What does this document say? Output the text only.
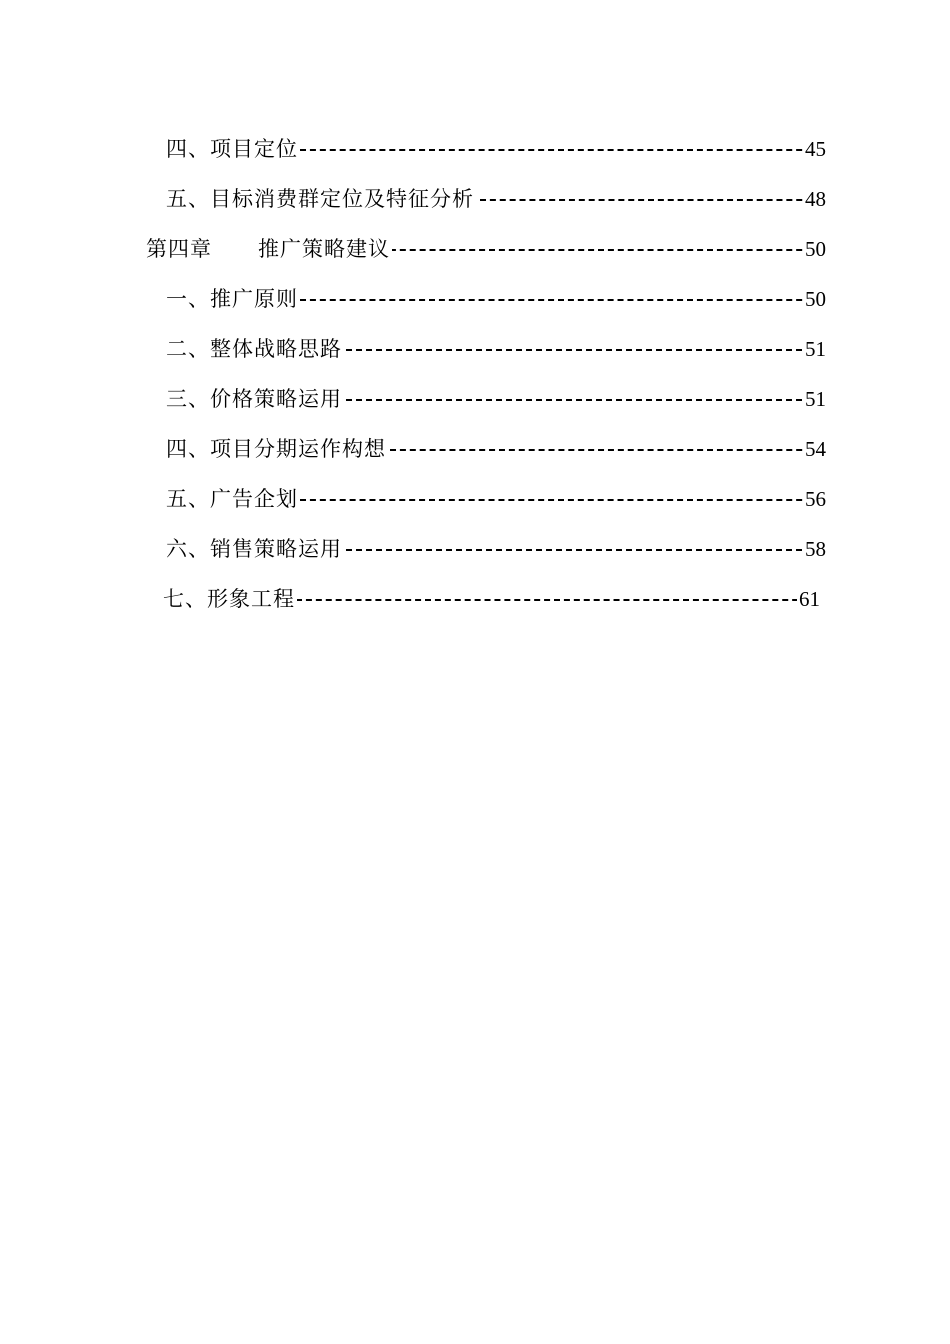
四、项目定位	45
五、目标消费群定位及特征分析	48
第四章      推广策略建议	50
一、推广原则	50
二、整体战略思路	51
三、价格策略运用	51
四、项目分期运作构想	54
五、广告企划	56
六、销售策略运用	58
七、形象工程	61
